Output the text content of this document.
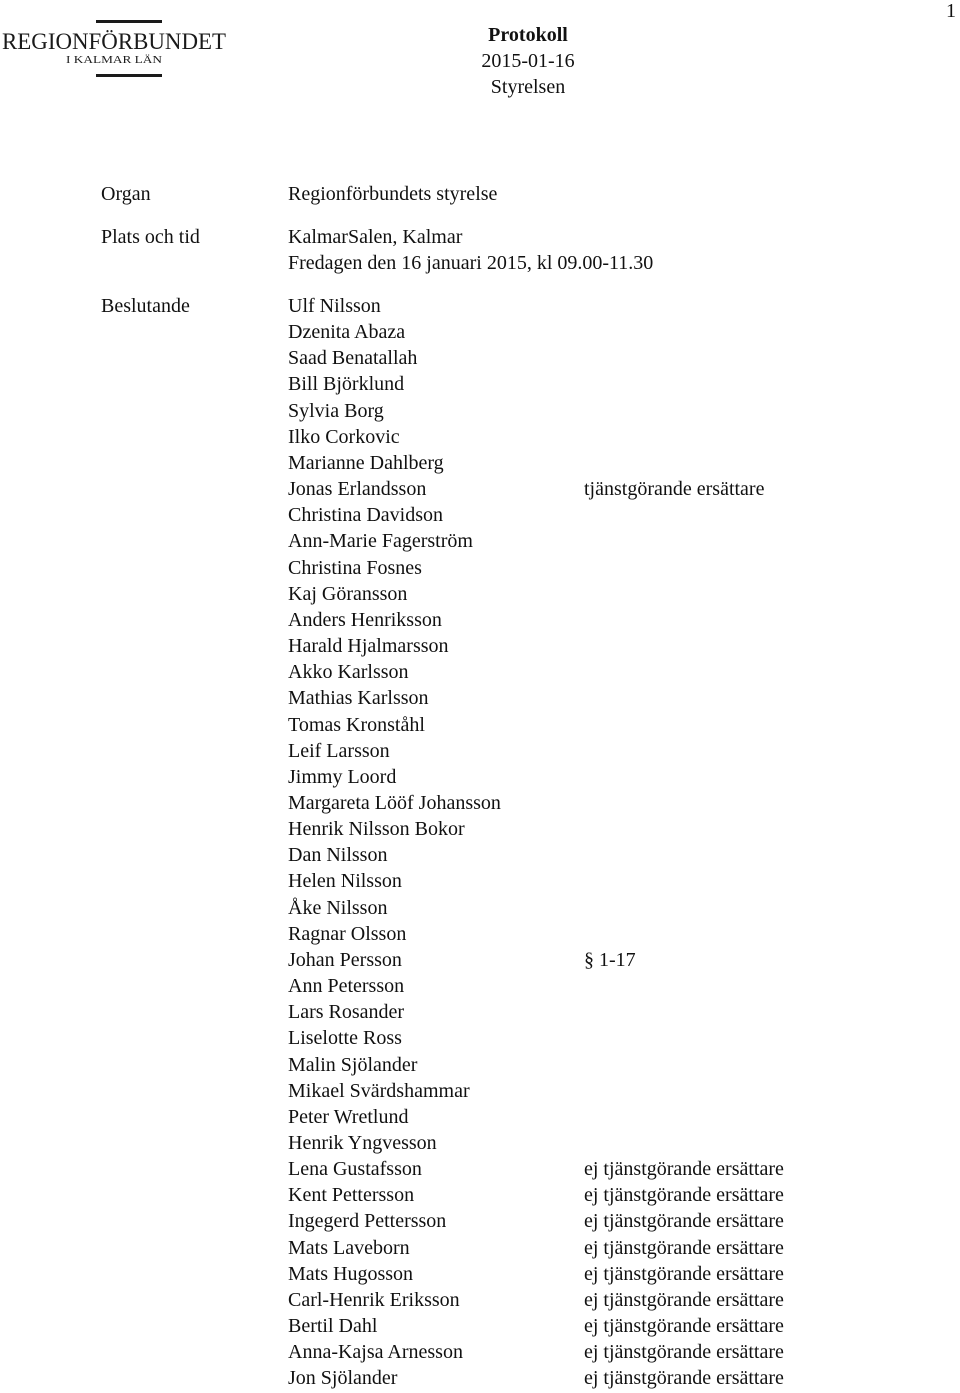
1
REGIONFÖRBUNDET
I KALMAR LÄN
Protokoll
2015-01-16
Styrelsen
Organ	Regionförbundets styrelse
Plats och tid	KalmarSalen, Kalmar
Fredagen den 16 januari 2015, kl 09.00-11.30
Beslutande	Ulf Nilsson
Dzenita Abaza
Saad Benatallah
Bill Björklund
Sylvia Borg
Ilko Corkovic
Marianne Dahlberg
Jonas Erlandsson	tjänstgörande ersättare
Christina Davidson
Ann-Marie Fagerström
Christina Fosnes
Kaj Göransson
Anders Henriksson
Harald Hjalmarsson
Akko Karlsson
Mathias Karlsson
Tomas Kronståhl
Leif Larsson
Jimmy Loord
Margareta Lööf Johansson
Henrik Nilsson Bokor
Dan Nilsson
Helen Nilsson
Åke Nilsson
Ragnar Olsson
Johan Persson	§ 1-17
Ann Petersson
Lars Rosander
Liselotte Ross
Malin Sjölander
Mikael Svärdshammar
Peter Wretlund
Henrik Yngvesson
Lena Gustafsson	ej tjänstgörande ersättare
Kent Pettersson	ej tjänstgörande ersättare
Ingegerd Pettersson	ej tjänstgörande ersättare
Mats Laveborn	ej tjänstgörande ersättare
Mats Hugosson	ej tjänstgörande ersättare
Carl-Henrik Eriksson	ej tjänstgörande ersättare
Bertil Dahl	ej tjänstgörande ersättare
Anna-Kajsa Arnesson	ej tjänstgörande ersättare
Jon Sjölander	ej tjänstgörande ersättare
